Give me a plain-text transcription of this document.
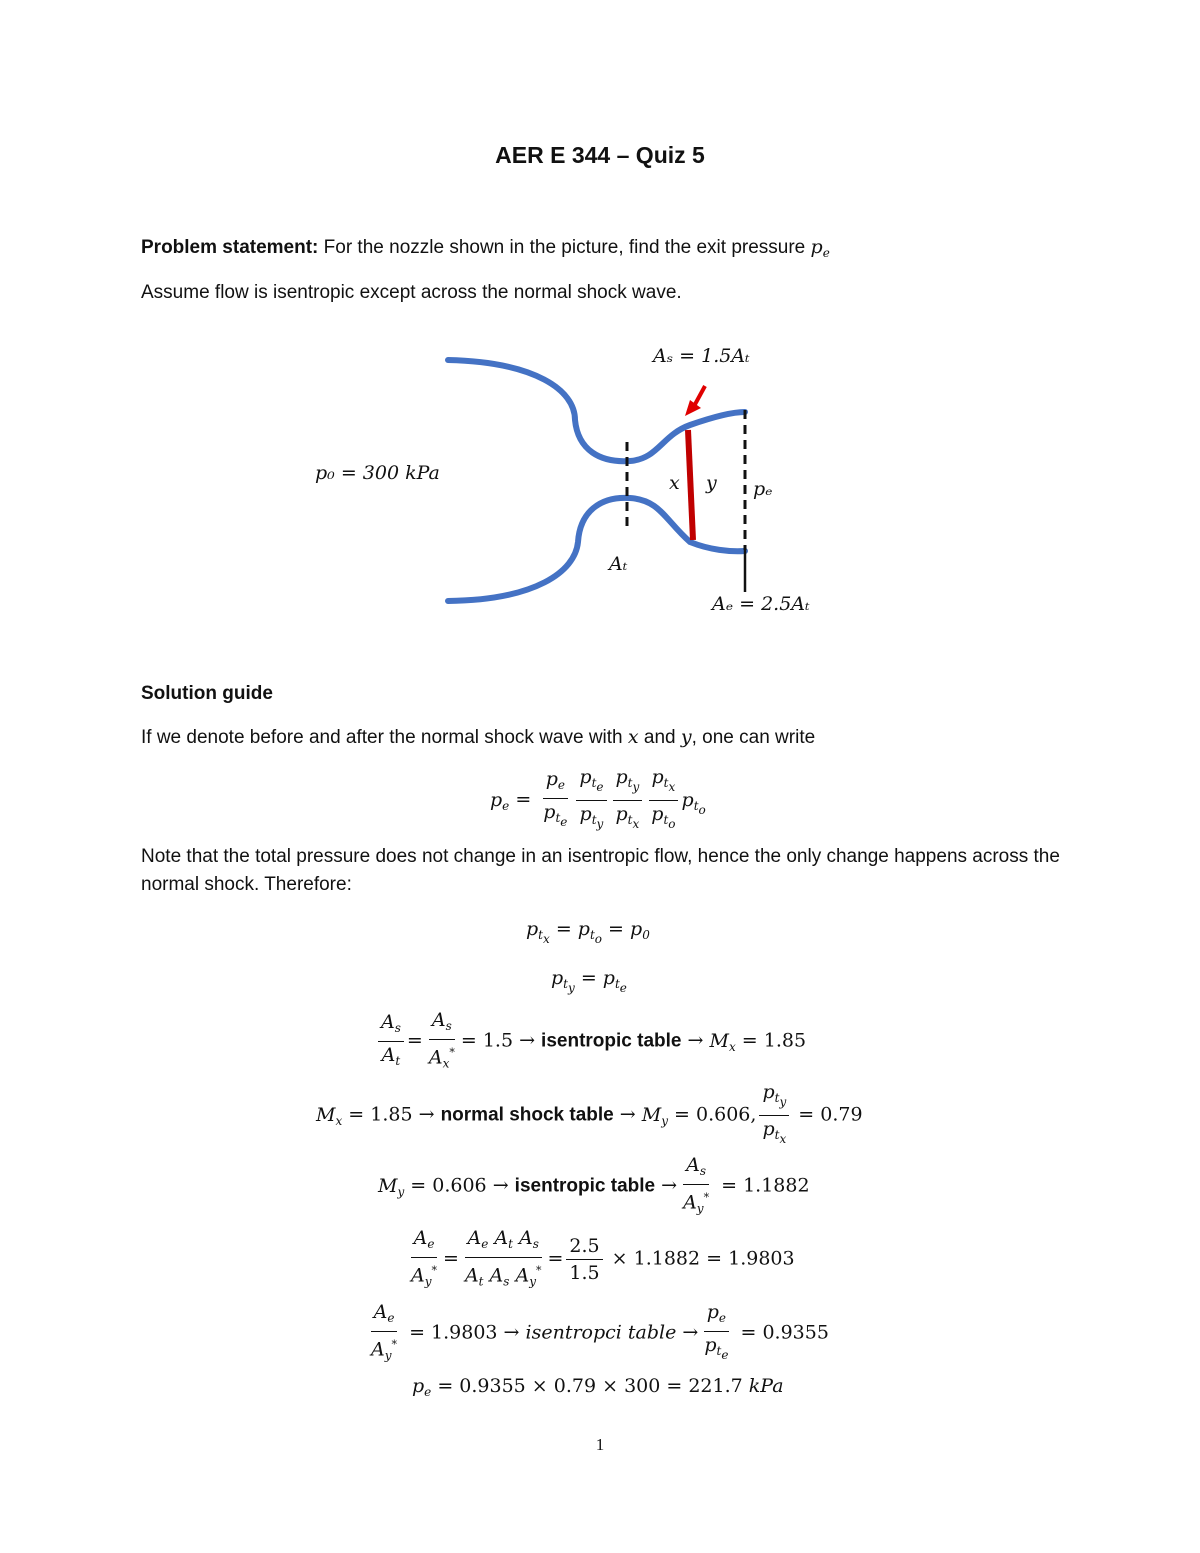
AER E 344 – Quiz 5
Problem statement: For the nozzle shown in the picture, find the exit pressure $p_e$
Assume flow is isentropic except across the normal shock wave.
p₀ = 300 kPa
Aₛ = 1.5Aₜ
Aₜ
Aₑ = 2.5Aₜ
x y pₑ
Solution guide
If we denote before and after the normal shock wave with x and y, one can write
$p_e = \frac{p_e}{p_{t_e}} \frac{p_{t_e}}{p_{t_y}} \frac{p_{t_y}}{p_{t_x}} \frac{p_{t_x}}{p_{t_o}} p_{t_o}$
Note that the total pressure does not change in an isentropic flow, hence the only change happens across the normal shock. Therefore:
$p_{t_x} = p_{t_o} = p_0$
$p_{t_y} = p_{t_e}$
$\frac{A_s}{A_t} = \frac{A_s}{A_x^*} = 1.5$ → isentropic table → $M_x = 1.85$
$M_x = 1.85$ → normal shock table → $M_y = 0.606$, $\frac{p_{t_y}}{p_{t_x}} = 0.79$
$M_y = 0.606$ → isentropic table → $\frac{A_s}{A_y^*} = 1.1882$
$\frac{A_e}{A_y^*} = \frac{A_e A_t A_s}{A_t A_s A_y^*} = \frac{2.5}{1.5} \times 1.1882 = 1.9803$
$\frac{A_e}{A_y^*} = 1.9803$ → isentropci table → $\frac{p_e}{p_{t_e}} = 0.9355$
$p_e = 0.9355 \times 0.79 \times 300 = 221.7$ kPa
1
